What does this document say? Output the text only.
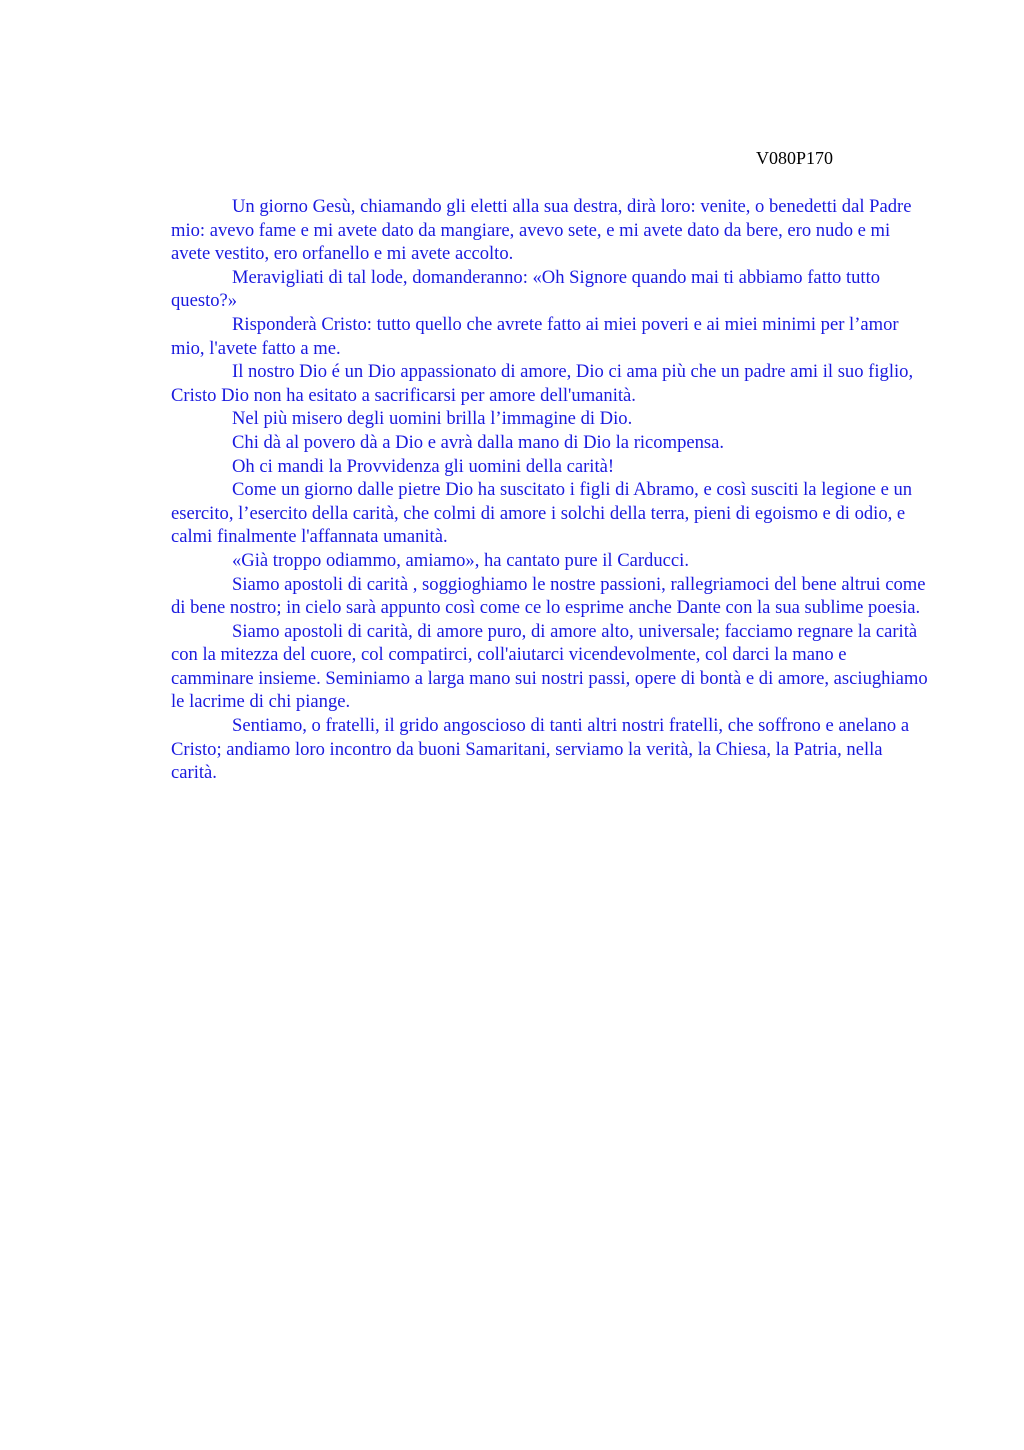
V080P170

Un giorno Gesù, chiamando gli eletti alla sua destra, dirà loro: venite, o benedetti dal Padre mio: avevo fame e mi avete dato da mangiare, avevo sete, e mi avete dato da bere, ero nudo e mi avete vestito, ero orfanello e mi avete accolto.

Meravigliati di tal lode, domanderanno: «Oh Signore quando mai ti abbiamo fatto tutto questo?»

Risponderà Cristo: tutto quello che avrete fatto ai miei poveri e ai miei minimi per l’amor mio, l'avete fatto a me.

Il nostro Dio é un Dio appassionato di amore, Dio ci ama più che un padre ami il suo figlio, Cristo Dio non ha esitato a sacrificarsi per amore dell'umanità.

Nel più misero degli uomini brilla l’immagine di Dio.

Chi dà al povero dà a Dio e avrà dalla mano di Dio la ricompensa.

Oh ci mandi la Provvidenza gli uomini della carità!

Come un giorno dalle pietre Dio ha suscitato i figli di Abramo, e così susciti la legione e un esercito, l’esercito della carità, che colmi di amore i solchi della terra, pieni di egoismo e di odio, e calmi finalmente l'affannata umanità.

«Già troppo odiammo, amiamo», ha cantato pure il Carducci.

Siamo apostoli di carità , soggioghiamo le nostre passioni, rallegriamoci del bene altrui come di bene nostro; in cielo sarà appunto così come ce lo esprime anche Dante con la sua sublime poesia.

Siamo apostoli di carità, di amore puro, di amore alto, universale; facciamo regnare la carità con la mitezza del cuore, col compatirci, coll'aiutarci vicendevolmente, col darci la mano e camminare insieme. Seminiamo a larga mano sui nostri passi, opere di bontà e di amore, asciughiamo le lacrime di chi piange.

Sentiamo, o fratelli, il grido angoscioso di tanti altri nostri fratelli, che soffrono e anelano a Cristo; andiamo loro incontro da buoni Samaritani, serviamo la verità, la Chiesa, la Patria, nella carità.
